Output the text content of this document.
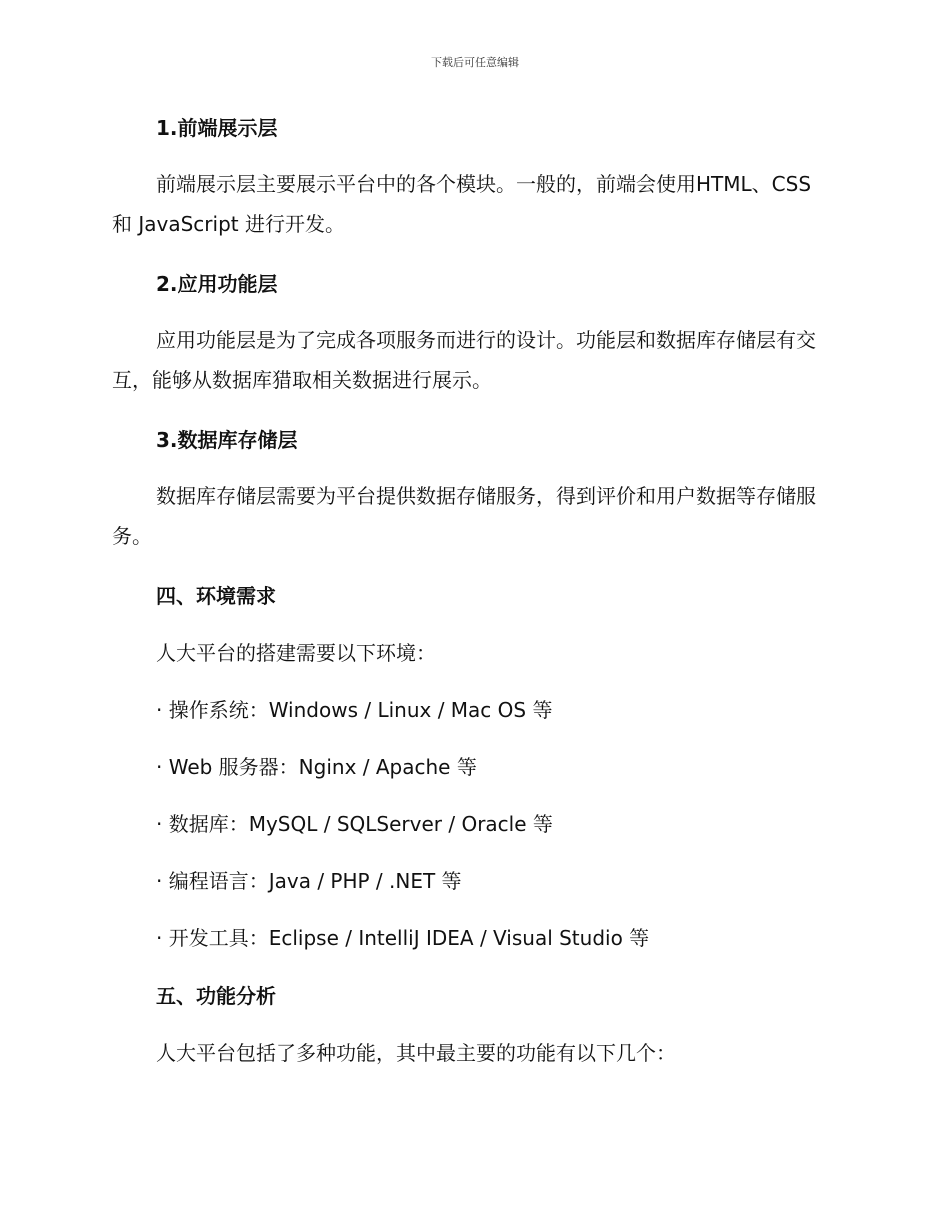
下载后可任意编辑
1.前端展示层

前端展示层主要展示平台中的各个模块。一般的，前端会使用HTML、CSS 和 JavaScript 进行开发。

2.应用功能层

应用功能层是为了完成各项服务而进行的设计。功能层和数据库存储层有交互，能够从数据库猎取相关数据进行展示。

3.数据库存储层

数据库存储层需要为平台提供数据存储服务，得到评价和用户数据等存储服务。

四、环境需求

人大平台的搭建需要以下环境：

· 操作系统：Windows / Linux / Mac OS 等

· Web 服务器：Nginx / Apache 等

· 数据库：MySQL / SQLServer / Oracle 等

· 编程语言：Java / PHP / .NET 等

· 开发工具：Eclipse / IntelliJ IDEA / Visual Studio 等

五、功能分析

人大平台包括了多种功能，其中最主要的功能有以下几个：
